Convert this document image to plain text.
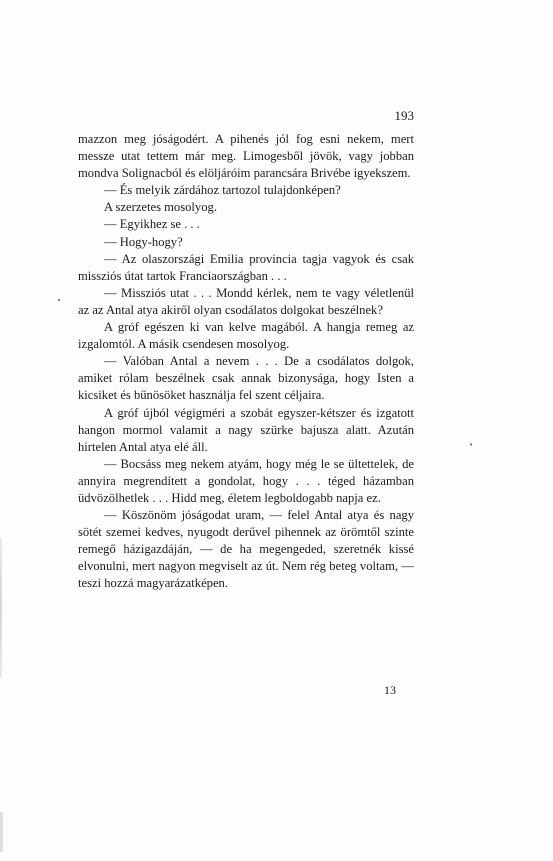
193

mazzon meg jóságodért. A pihenés jól fog esni nekem, mert messze utat tettem már meg. Limogesből jövök, vagy jobban mondva Solignacból és elöljáróim parancsára Brivébe igyekszem.

— És melyik zárdához tartozol tulajdonképen?

A szerzetes mosolyog.

— Egyikhez se . . .

— Hogy-hogy?

— Az olaszországi Emilia provincia tagja vagyok és csak missziós útat tartok Franciaországban . . .

— Missziós utat . . . Mondd kérlek, nem te vagy véletlenül az az Antal atya akiről olyan csodálatos dolgokat beszélnek?

A gróf egészen ki van kelve magából. A hangja remeg az izgalomtól. A másik csendesen mosolyog.

— Valóban Antal a nevem . . . De a csodálatos dolgok, amiket rólam beszélnek csak annak bizonysága, hogy Isten a kicsiket és bűnösöket használja fel szent céljaira.

A gróf újból végigméri a szobát egyszer-kétszer és izgatott hangon mormol valamit a nagy szürke bajusza alatt. Azután hirtelen Antal atya elé áll.

— Bocsáss meg nekem atyám, hogy még le se ültettelek, de annyira megrendített a gondolat, hogy . . . téged házamban üdvözölhetlek . . . Hidd meg, életem legboldogabb napja ez.

— Köszönöm jóságodat uram, — felel Antal atya és nagy sötét szemei kedves, nyugodt derűvel pihennek az örömtől szinte remegő házigazdáján, — de ha megengeded, szeretnék kissé elvonulni, mert nagyon megviselt az út. Nem rég beteg voltam, — teszi hozzá magyarázatképen.

13
